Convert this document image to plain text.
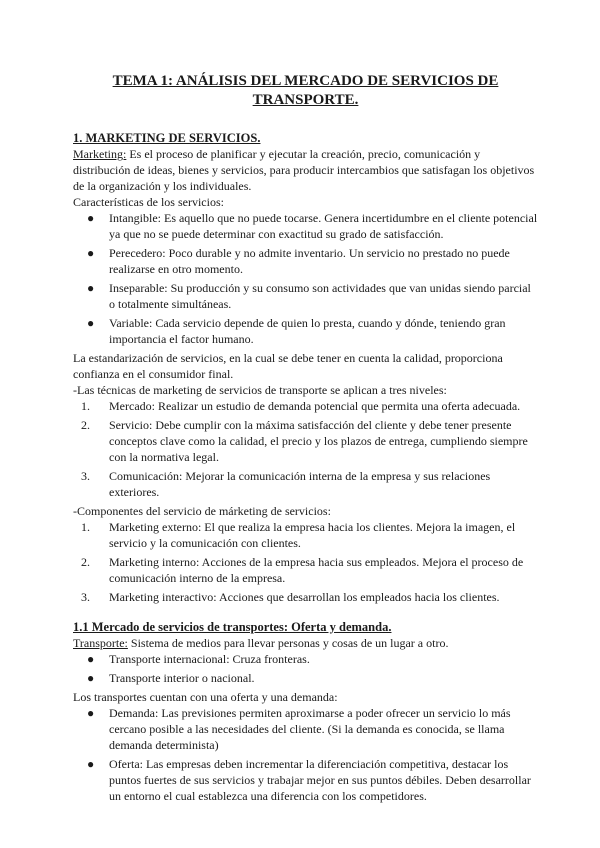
TEMA 1: ANÁLISIS DEL MERCADO DE SERVICIOS DE TRANSPORTE.
1. MARKETING DE SERVICIOS.

Marketing: Es el proceso de planificar y ejecutar la creación, precio, comunicación y distribución de ideas, bienes y servicios, para producir intercambios que satisfagan los objetivos de la organización y los individuales.

Características de los servicios:

●	Intangible: Es aquello que no puede tocarse. Genera incertidumbre en el cliente potencial ya que no se puede determinar con exactitud su grado de satisfacción.
●	Perecedero: Poco durable y no admite inventario. Un servicio no prestado no puede realizarse en otro momento.
●	Inseparable: Su producción y su consumo son actividades que van unidas siendo parcial o totalmente simultáneas.
●	Variable: Cada servicio depende de quien lo presta, cuando y dónde, teniendo gran importancia el factor humano.

La estandarización de servicios, en la cual se debe tener en cuenta la calidad, proporciona confianza en el consumidor final.

-Las técnicas de marketing de servicios de transporte se aplican a tres niveles:

1.	Mercado: Realizar un estudio de demanda potencial que permita una oferta adecuada.
2.	Servicio: Debe cumplir con la máxima satisfacción del cliente y debe tener presente conceptos clave como la calidad, el precio y los plazos de entrega, cumpliendo siempre con la normativa legal.
3.	Comunicación: Mejorar la comunicación interna de la empresa y sus relaciones exteriores.

-Componentes del servicio de márketing de servicios:

1.	Marketing externo: El que realiza la empresa hacia los clientes. Mejora la imagen, el servicio y la comunicación con clientes.
2.	Marketing interno: Acciones de la empresa hacia sus empleados. Mejora el proceso de comunicación interno de la empresa.
3.	Marketing interactivo: Acciones que desarrollan los empleados hacia los clientes.
1.1 Mercado de servicios de transportes: Oferta y demanda.

Transporte: Sistema de medios para llevar personas y cosas de un lugar a otro.

●	Transporte internacional: Cruza fronteras.
●	Transporte interior o nacional.

Los transportes cuentan con una oferta y una demanda:

●	Demanda: Las previsiones permiten aproximarse a poder ofrecer un servicio lo más cercano posible a las necesidades del cliente. (Si la demanda es conocida, se llama demanda determinista)
●	Oferta: Las empresas deben incrementar la diferenciación competitiva, destacar los puntos fuertes de sus servicios y trabajar mejor en sus puntos débiles. Deben desarrollar un entorno el cual establezca una diferencia con los competidores.
